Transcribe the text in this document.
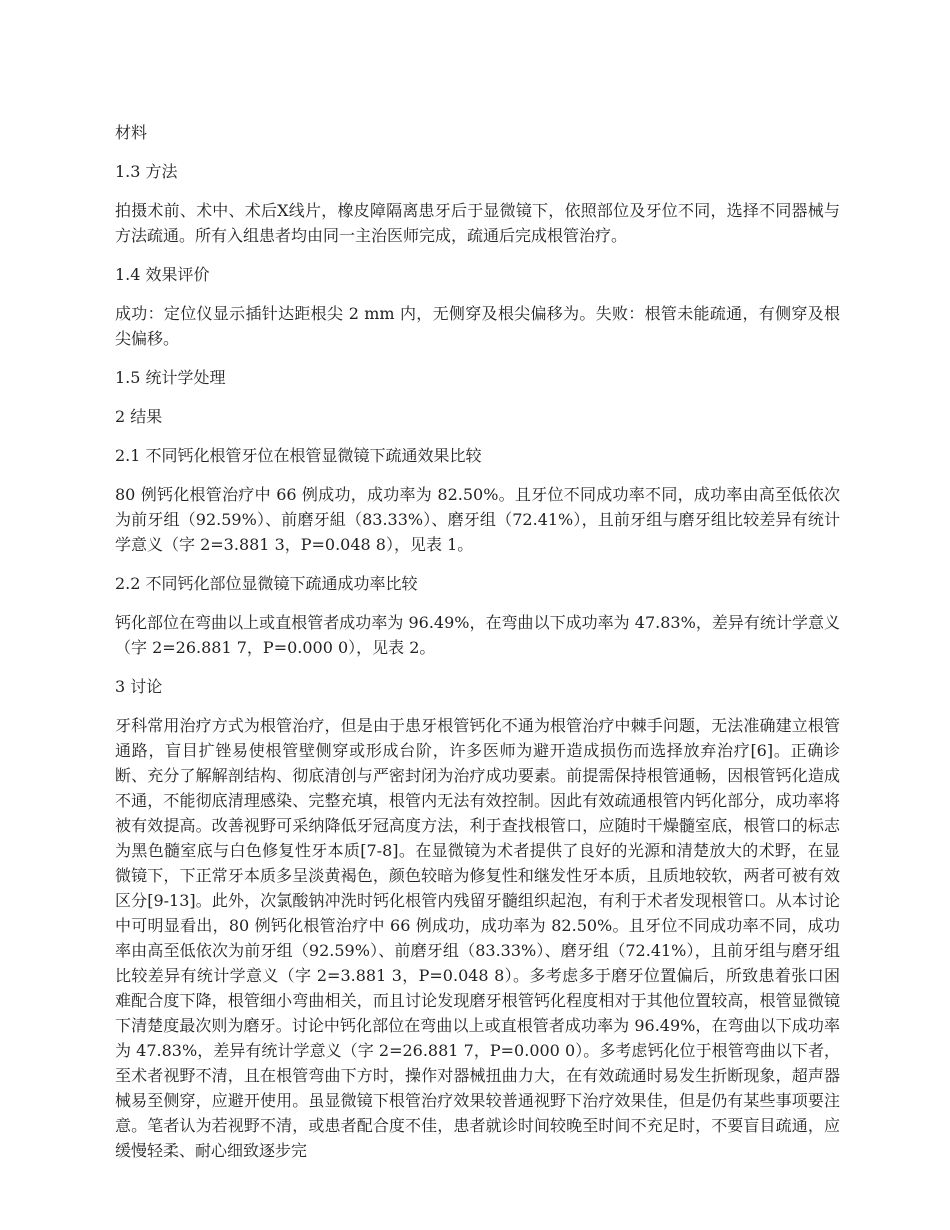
材料
1.3 方法
拍摄术前、术中、术后X线片，橡皮障隔离患牙后于显微镜下，依照部位及牙位不同，选择不同器械与方法疏通。所有入组患者均由同一主治医师完成，疏通后完成根管治疗。
1.4 效果评价
成功：定位仪显示插针达距根尖 2 mm 内，无侧穿及根尖偏移为。失败：根管未能疏通，有侧穿及根尖偏移。
1.5 统计学处理
2 结果
2.1 不同钙化根管牙位在根管显微镜下疏通效果比较
80 例钙化根管治疗中 66 例成功，成功率为 82.50%。且牙位不同成功率不同，成功率由高至低依次为前牙组（92.59%）、前磨牙組（83.33%）、磨牙组（72.41%），且前牙组与磨牙组比较差异有统计学意义（字 2=3.881 3，P=0.048 8），见表 1。
2.2 不同钙化部位显微镜下疏通成功率比较
钙化部位在弯曲以上或直根管者成功率为 96.49%，在弯曲以下成功率为 47.83%，差异有统计学意义（字 2=26.881 7，P=0.000 0），见表 2。
3 讨论
牙科常用治疗方式为根管治疗，但是由于患牙根管钙化不通为根管治疗中棘手问题，无法准确建立根管通路，盲目扩锉易使根管壁侧穿或形成台阶，许多医师为避开造成损伤而选择放弃治疗[6]。正确诊断、充分了解解剖结构、彻底清创与严密封闭为治疗成功要素。前提需保持根管通畅，因根管钙化造成不通，不能彻底清理感染、完整充填，根管内无法有效控制。因此有效疏通根管内钙化部分，成功率将被有效提高。改善视野可采纳降低牙冠高度方法，利于查找根管口，应随时干燥髓室底，根管口的标志为黑色髓室底与白色修复性牙本质[7-8]。在显微镜为术者提供了良好的光源和清楚放大的术野，在显微镜下，下正常牙本质多呈淡黄褐色，颜色较暗为修复性和继发性牙本质，且质地较软，两者可被有效区分[9-13]。此外，次氯酸钠冲洗时钙化根管内残留牙髓组织起泡，有利于术者发现根管口。从本讨论中可明显看出，80 例钙化根管治疗中 66 例成功，成功率为 82.50%。且牙位不同成功率不同，成功率由高至低依次为前牙组（92.59%）、前磨牙组（83.33%）、磨牙组（72.41%），且前牙组与磨牙组比较差异有统计学意义（字 2=3.881 3，P=0.048 8）。多考虑多于磨牙位置偏后，所致患着张口困难配合度下降，根管细小弯曲相关，而且讨论发现磨牙根管钙化程度相对于其他位置较高，根管显微镜下清楚度最次则为磨牙。讨论中钙化部位在弯曲以上或直根管者成功率为 96.49%，在弯曲以下成功率为 47.83%，差异有统计学意义（字 2=26.881 7，P=0.000 0）。多考虑钙化位于根管弯曲以下者，至术者视野不清，且在根管弯曲下方时，操作对器械扭曲力大，在有效疏通时易发生折断现象，超声器械易至侧穿，应避开使用。虽显微镜下根管治疗效果较普通视野下治疗效果佳，但是仍有某些事项要注意。笔者认为若视野不清，或患者配合度不佳，患者就诊时间较晚至时间不充足时，不要盲目疏通，应缓慢轻柔、耐心细致逐步完
